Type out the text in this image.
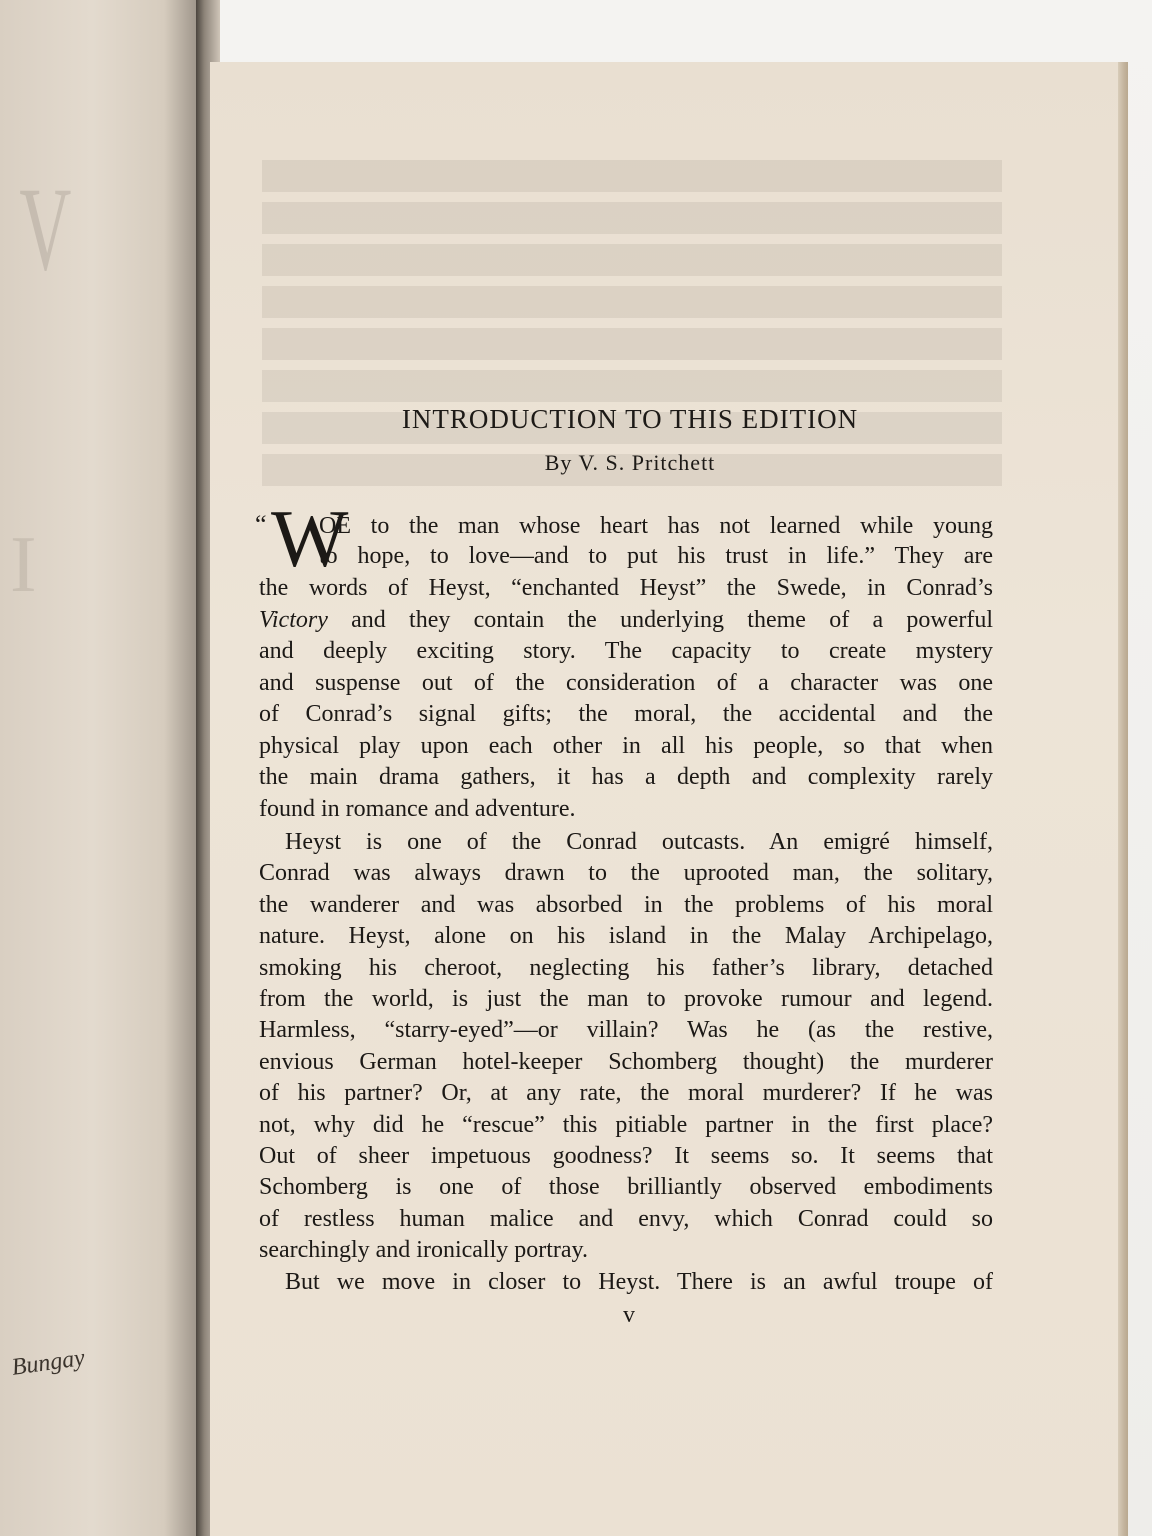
V
I
Bungay
INTRODUCTION TO THIS EDITION
By V. S. Pritchett
“ W
OE to the man whose heart has not learned while young
to hope, to love—and to put his trust in life.” They are
the words of Heyst, “enchanted Heyst” the Swede, in Conrad’s
Victory and they contain the underlying theme of a powerful
and deeply exciting story. The capacity to create mystery
and suspense out of the consideration of a character was one
of Conrad’s signal gifts; the moral, the accidental and the
physical play upon each other in all his people, so that when
the main drama gathers, it has a depth and complexity rarely
found in romance and adventure.
Heyst is one of the Conrad outcasts. An emigré himself,
Conrad was always drawn to the uprooted man, the solitary,
the wanderer and was absorbed in the problems of his moral
nature. Heyst, alone on his island in the Malay Archipelago,
smoking his cheroot, neglecting his father’s library, detached
from the world, is just the man to provoke rumour and legend.
Harmless, “starry-eyed”—or villain? Was he (as the restive,
envious German hotel-keeper Schomberg thought) the murderer
of his partner? Or, at any rate, the moral murderer? If he was
not, why did he “rescue” this pitiable partner in the first place?
Out of sheer impetuous goodness? It seems so. It seems that
Schomberg is one of those brilliantly observed embodiments
of restless human malice and envy, which Conrad could so
searchingly and ironically portray.
But we move in closer to Heyst. There is an awful troupe of
v
